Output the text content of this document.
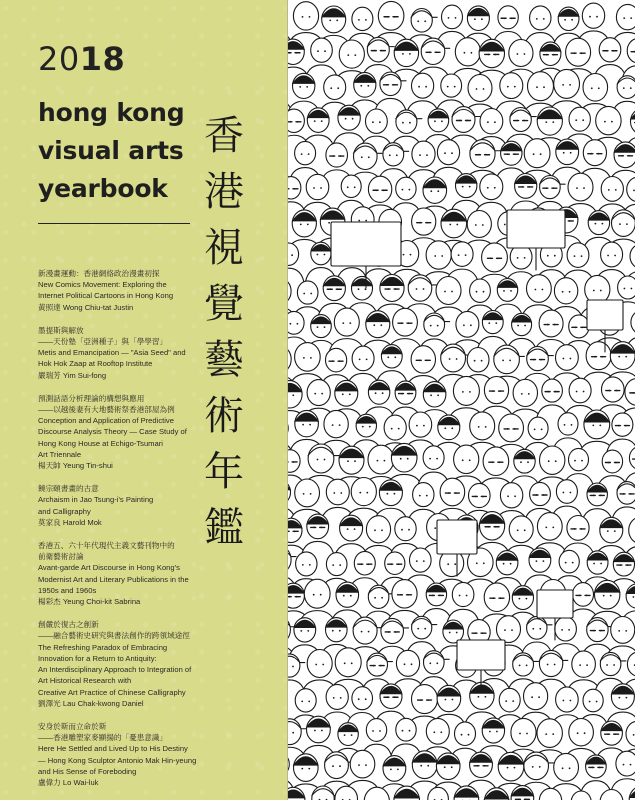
2018
hong kong
visual arts
yearbook
香
港
視
覺
藝
術
年
鑑
新漫畫運動：香港網絡政治漫畫初探
New Comics Movement: Exploring the
Internet Political Cartoons in Hong Kong
黃照達 Wong Chiu-tat Justin
墨提斯與解放
——天份塾「亞洲種子」與「學學習」
Metis and Emancipation — "Asia Seed" and
Hok Hok Zaap at Rooftop Institute
嚴瑞芳 Yim Sui-fong
預測話語分析理論的構想與應用
——以越後妻有大地藝術祭香港部屋為例
Conception and Application of Predictive
Discourse Analysis Theory — Case Study of
Hong Kong House at Echigo-Tsumari
Art Triennale
楊天帥 Yeung Tin-shui
饒宗頤書畫的古意
Archaism in Jao Tsung-i's Painting
and Calligraphy
莫家良 Harold Mok
香港五、六十年代現代主義文藝刊物中的
前衛藝術討論
Avant-garde Art Discourse in Hong Kong's
Modernist Art and Literary Publications in the
1950s and 1960s
楊彩杰 Yeung Choi-kit Sabrina
創嚴於復古之創新
——融合藝術史研究與書法創作的跨領域途徑
The Refreshing Paradox of Embracing
Innovation for a Return to Antiquity:
An Interdisciplinary Approach to Integration of
Art Historical Research with
Creative Art Practice of Chinese Calligraphy
劉澤光 Lau Chak-kwong Daniel
安身於斯而立命於斯
——香港雕塑家麥顯揚的「憂患意識」
Here He Settled and Lived Up to His Destiny
— Hong Kong Sculptor Antonio Mak Hin-yeung
and His Sense of Foreboding
盧偉力 Lo Wai-luk
